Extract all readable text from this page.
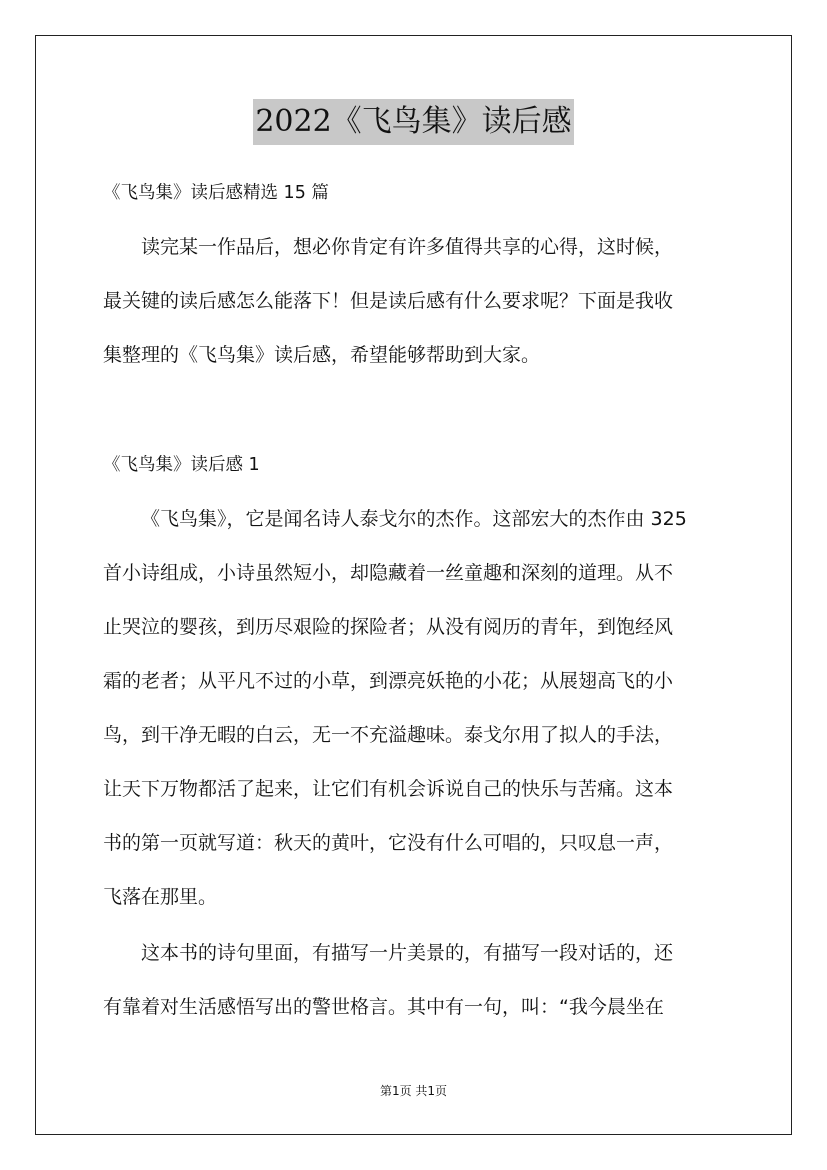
2022《飞鸟集》读后感

《飞鸟集》读后感精选 15 篇

读完某一作品后，想必你肯定有许多值得共享的心得，这时候，

最关键的读后感怎么能落下！但是读后感有什么要求呢？下面是我收

集整理的《飞鸟集》读后感，希望能够帮助到大家。

《飞鸟集》读后感 1

《飞鸟集》，它是闻名诗人泰戈尔的杰作。这部宏大的杰作由 325

首小诗组成，小诗虽然短小，却隐藏着一丝童趣和深刻的道理。从不

止哭泣的婴孩，到历尽艰险的探险者；从没有阅历的青年，到饱经风

霜的老者；从平凡不过的小草，到漂亮妖艳的小花；从展翅高飞的小

鸟，到干净无暇的白云，无一不充溢趣味。泰戈尔用了拟人的手法，

让天下万物都活了起来，让它们有机会诉说自己的快乐与苦痛。这本

书的第一页就写道：秋天的黄叶，它没有什么可唱的，只叹息一声，

飞落在那里。

这本书的诗句里面，有描写一片美景的，有描写一段对话的，还

有靠着对生活感悟写出的警世格言。其中有一句，叫：“我今晨坐在

第1页 共1页
